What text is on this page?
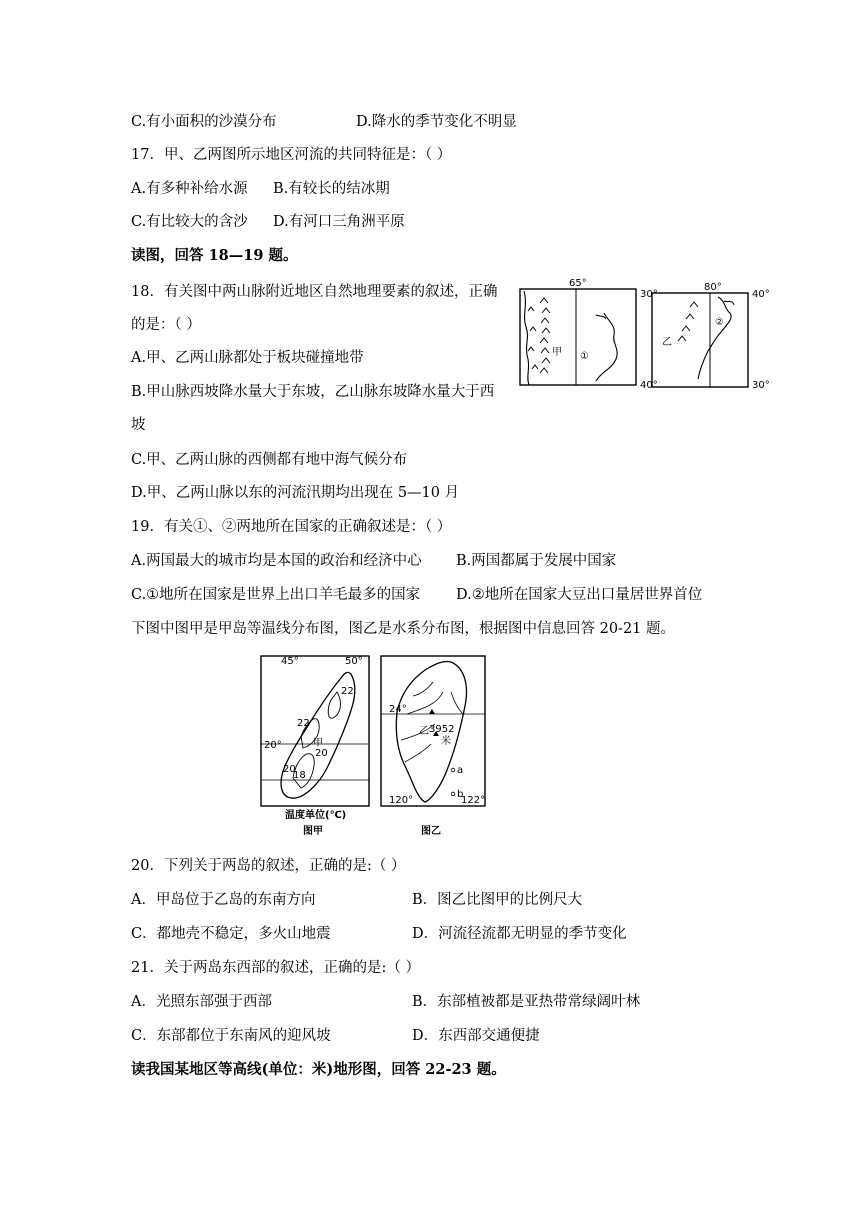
C.有小面积的沙漠分布	D.降水的季节变化不明显
17．甲、乙两图所示地区河流的共同特征是：（ ）
A.有多种补给水源 B.有较长的结冰期
C.有比较大的含沙 D.有河口三角洲平原
读图，回答 18—19 题。
18．有关图中两山脉附近地区自然地理要素的叙述，正确
的是：（ ）
A.甲、乙两山脉都处于板块碰撞地带
B.甲山脉西坡降水量大于东坡，乙山脉东坡降水量大于西
坡
C.甲、乙两山脉的西侧都有地中海气候分布
D.甲、乙两山脉以东的河流汛期均出现在 5—10 月
65°
30°
40°
甲 ①
80°
40°
30°
乙
②
19．有关①、②两地所在国家的正确叙述是：（ ）
A.两国最大的城市均是本国的政治和经济中心 B.两国都属于发展中国家
C.①地所在国家是世界上出口羊毛最多的国家 D.②地所在国家大豆出口量居世界首位
下图中图甲是甲岛等温线分布图，图乙是水系分布图，根据图中信息回答 20-21 题。
45°	50°
20°
22
22
20
20
18
甲
温度单位(℃)
图甲
24°
120°	122°
乙 3952
米
a
b
图乙
20．下列关于两岛的叙述，正确的是:（ ）
A．甲岛位于乙岛的东南方向	B．图乙比图甲的比例尺大
C．都地壳不稳定，多火山地震	D．河流径流都无明显的季节变化
21．关于两岛东西部的叙述，正确的是:（ ）
A．光照东部强于西部	B．东部植被都是亚热带常绿阔叶林
C．东部都位于东南风的迎风坡	D．东西部交通便捷
读我国某地区等高线(单位：米)地形图，回答 22-23 题。
